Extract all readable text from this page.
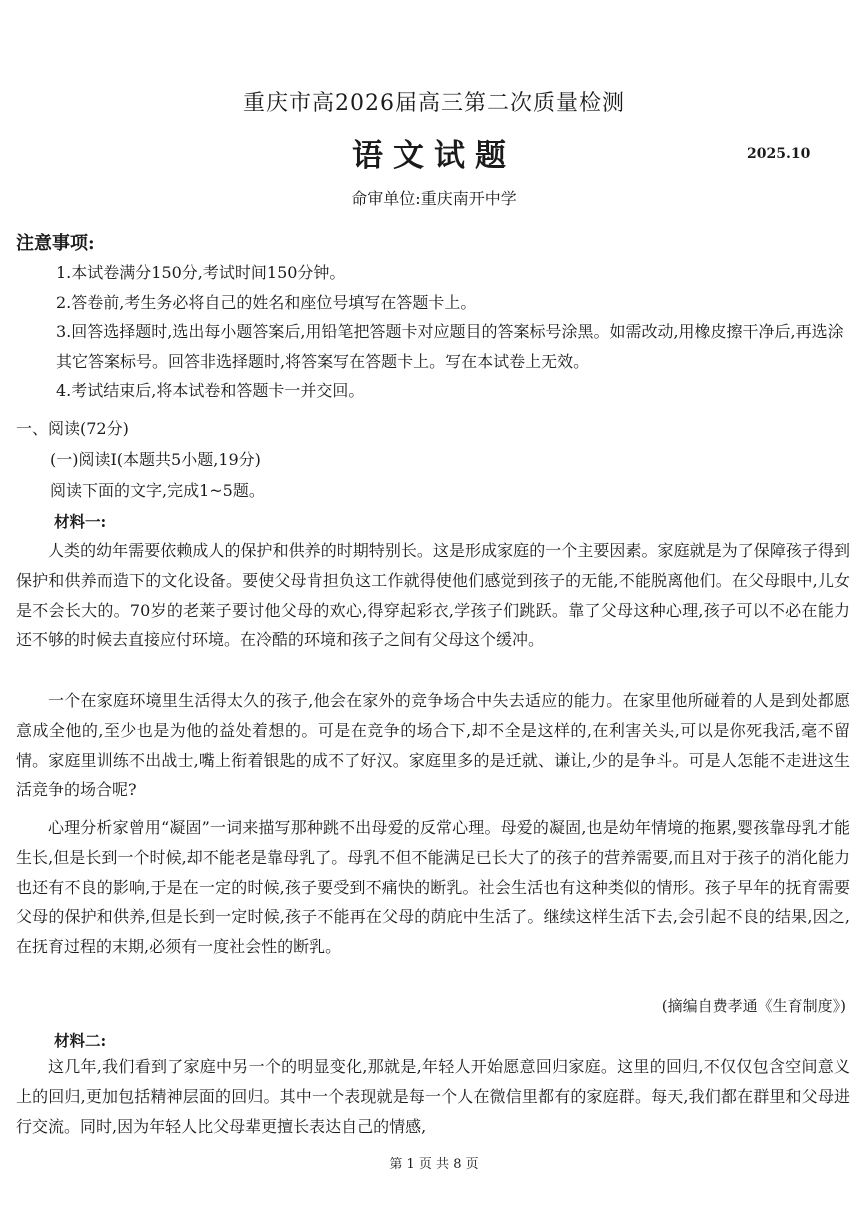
重庆市高2026届高三第二次质量检测
语文试题	2025.10
命审单位:重庆南开中学
注意事项:

1.本试卷满分150分,考试时间150分钟。

2.答卷前,考生务必将自己的姓名和座位号填写在答题卡上。

3.回答选择题时,选出每小题答案后,用铅笔把答题卡对应题目的答案标号涂黑。如需改动,用橡皮擦干净后,再选涂其它答案标号。回答非选择题时,将答案写在答题卡上。写在本试卷上无效。

4.考试结束后,将本试卷和答题卡一并交回。

一、阅读(72分)
(一)阅读Ⅰ(本题共5小题,19分)
阅读下面的文字,完成1~5题。
材料一:

人类的幼年需要依赖成人的保护和供养的时期特别长。这是形成家庭的一个主要因素。家庭就是为了保障孩子得到保护和供养而造下的文化设备。要使父母肯担负这工作就得使他们感觉到孩子的无能,不能脱离他们。在父母眼中,儿女是不会长大的。70岁的老莱子要讨他父母的欢心,得穿起彩衣,学孩子们跳跃。靠了父母这种心理,孩子可以不必在能力还不够的时候去直接应付环境。在冷酷的环境和孩子之间有父母这个缓冲。

一个在家庭环境里生活得太久的孩子,他会在家外的竞争场合中失去适应的能力。在家里他所碰着的人是到处都愿意成全他的,至少也是为他的益处着想的。可是在竞争的场合下,却不全是这样的,在利害关头,可以是你死我活,毫不留情。家庭里训练不出战士,嘴上衔着银匙的成不了好汉。家庭里多的是迁就、谦让,少的是争斗。可是人怎能不走进这生活竞争的场合呢?

心理分析家曾用“凝固”一词来描写那种跳不出母爱的反常心理。母爱的凝固,也是幼年情境的拖累,婴孩靠母乳才能生长,但是长到一个时候,却不能老是靠母乳了。母乳不但不能满足已长大了的孩子的营养需要,而且对于孩子的消化能力也还有不良的影响,于是在一定的时候,孩子要受到不痛快的断乳。社会生活也有这种类似的情形。孩子早年的抚育需要父母的保护和供养,但是长到一定时候,孩子不能再在父母的荫庇中生活了。继续这样生活下去,会引起不良的结果,因之,在抚育过程的末期,必须有一度社会性的断乳。

(摘编自费孝通《生育制度》)
材料二:

这几年,我们看到了家庭中另一个的明显变化,那就是,年轻人开始愿意回归家庭。这里的回归,不仅仅包含空间意义上的回归,更加包括精神层面的回归。其中一个表现就是每一个人在微信里都有的家庭群。每天,我们都在群里和父母进行交流。同时,因为年轻人比父母辈更擅长表达自己的情感,

第 1 页 共 8 页
